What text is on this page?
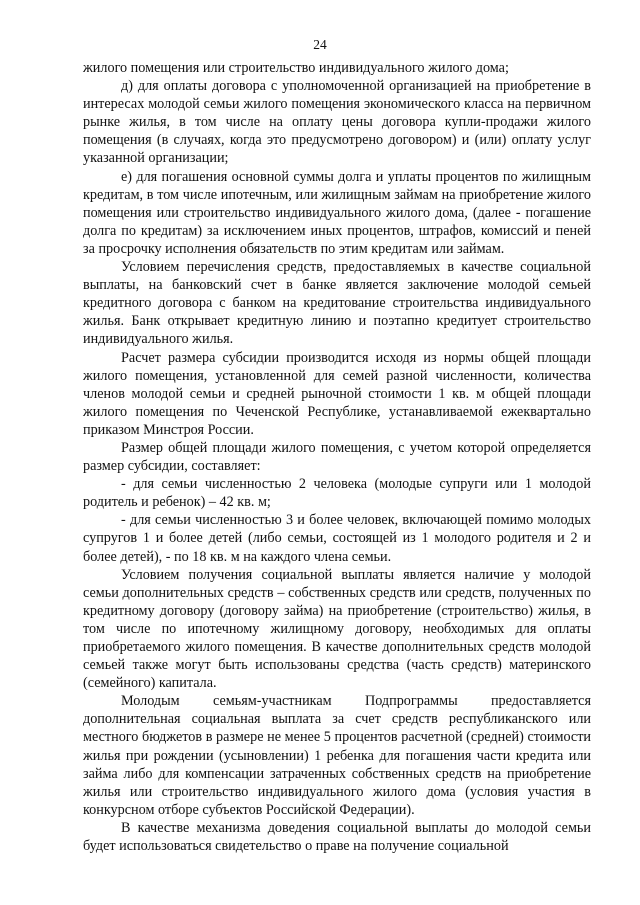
24

жилого помещения или строительство индивидуального жилого дома;

д) для оплаты договора с уполномоченной организацией на приобретение в интересах молодой семьи жилого помещения экономического класса на первичном рынке жилья, в том числе на оплату цены договора купли-продажи жилого помещения (в случаях, когда это предусмотрено договором) и (или) оплату услуг указанной организации;

е) для погашения основной суммы долга и уплаты процентов по жилищным кредитам, в том числе ипотечным, или жилищным займам на приобретение жилого помещения или строительство индивидуального жилого дома, (далее - погашение долга по кредитам) за исключением иных процентов, штрафов, комиссий и пеней за просрочку исполнения обязательств по этим кредитам или займам.

Условием перечисления средств, предоставляемых в качестве социальной выплаты, на банковский счет в банке является заключение молодой семьей кредитного договора с банком на кредитование строительства индивидуального жилья. Банк открывает кредитную линию и поэтапно кредитует строительство индивидуального жилья.

Расчет размера субсидии производится исходя из нормы общей площади жилого помещения, установленной для семей разной численности, количества членов молодой семьи и средней рыночной стоимости 1 кв. м общей площади жилого помещения по Чеченской Республике, устанавливаемой ежеквартально приказом Минстроя России.

Размер общей площади жилого помещения, с учетом которой определяется размер субсидии, составляет:

- для семьи численностью 2 человека (молодые супруги или 1 молодой родитель и ребенок) – 42 кв. м;

- для семьи численностью 3 и более человек, включающей помимо молодых супругов 1 и более детей (либо семьи, состоящей из 1 молодого родителя и 2 и более детей), - по 18 кв. м на каждого члена семьи.

Условием получения социальной выплаты является наличие у молодой семьи дополнительных средств – собственных средств или средств, полученных по кредитному договору (договору займа) на приобретение (строительство) жилья, в том числе по ипотечному жилищному договору, необходимых для оплаты приобретаемого жилого помещения. В качестве дополнительных средств молодой семьей также могут быть использованы средства (часть средств) материнского (семейного) капитала.

Молодым семьям-участникам Подпрограммы предоставляется дополнительная социальная выплата за счет средств республиканского или местного бюджетов в размере не менее 5 процентов расчетной (средней) стоимости жилья при рождении (усыновлении) 1 ребенка для погашения части кредита или займа либо для компенсации затраченных собственных средств на приобретение жилья или строительство индивидуального жилого дома (условия участия в конкурсном отборе субъектов Российской Федерации).

В качестве механизма доведения социальной выплаты до молодой семьи будет использоваться свидетельство о праве на получение социальной
